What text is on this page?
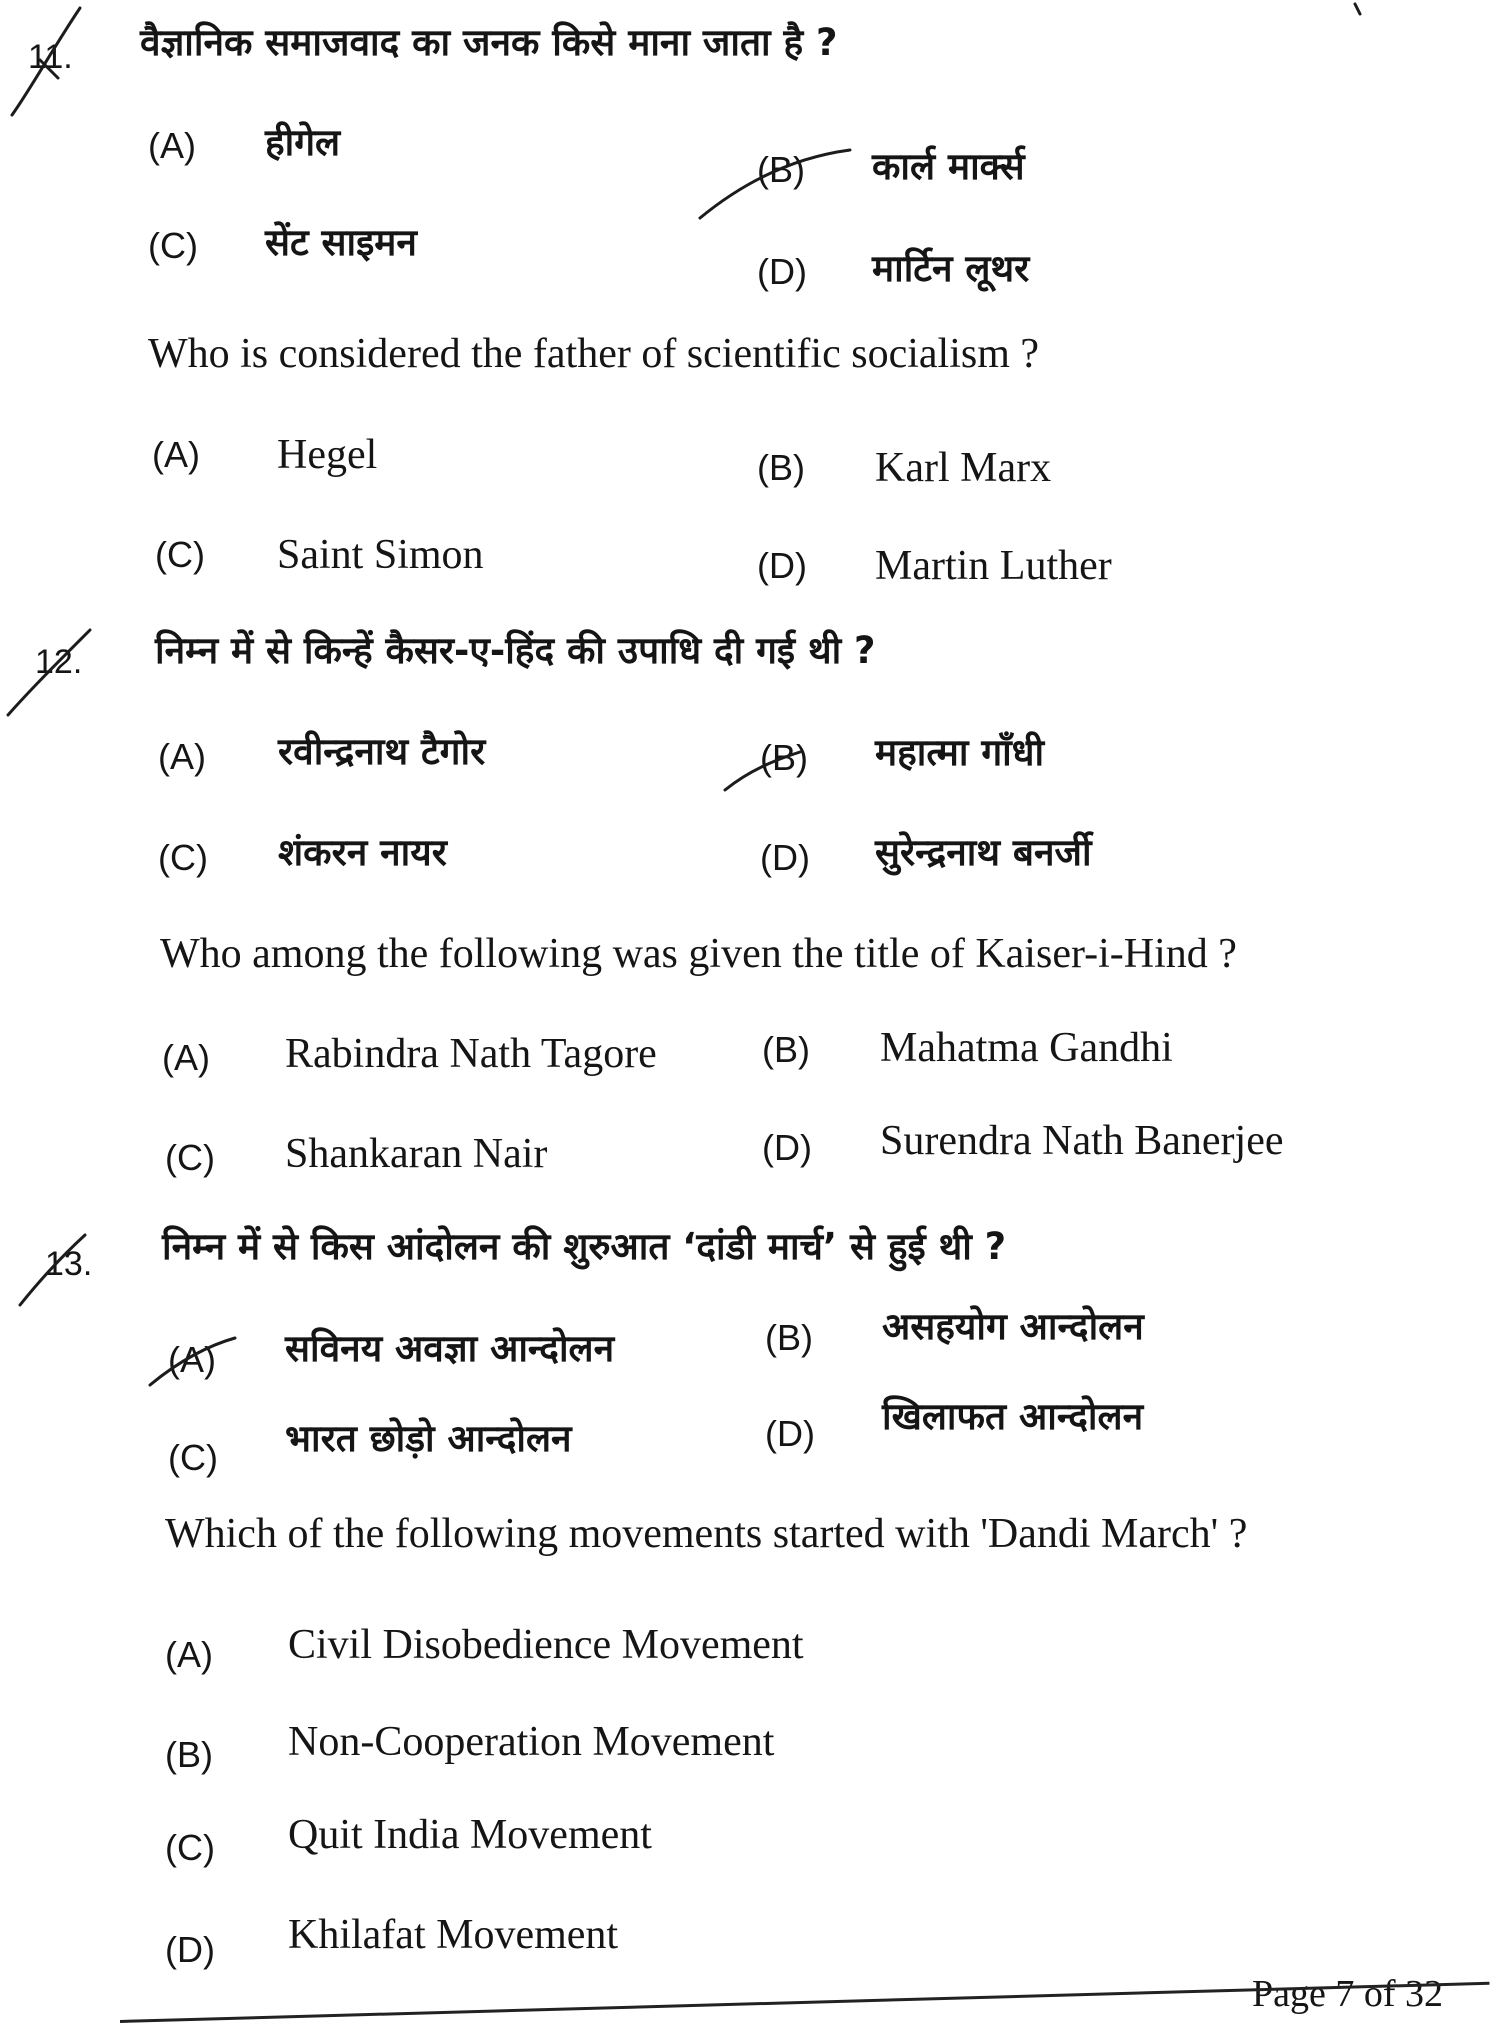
11. वैज्ञानिक समाजवाद का जनक किसे माना जाता है ?
(A) हीगेल
(B) कार्ल मार्क्स
(C) सेंट साइमन
(D) मार्टिन लूथर
Who is considered the father of scientific socialism ?
(A) Hegel	(B) Karl Marx
(C) Saint Simon	(D) Martin Luther
12. निम्न में से किन्हें कैसर-ए-हिंद की उपाधि दी गई थी ?
(A) रवीन्द्रनाथ टैगोर	(B) महात्मा गाँधी
(C) शंकरन नायर	(D) सुरेन्द्रनाथ बनर्जी
Who among the following was given the title of Kaiser-i-Hind ?
(A) Rabindra Nath Tagore	(B) Mahatma Gandhi
(C) Shankaran Nair	(D) Surendra Nath Banerjee
13. निम्न में से किस आंदोलन की शुरुआत ‘दांडी मार्च’ से हुई थी ?
(A) सविनय अवज्ञा आन्दोलन	(B) असहयोग आन्दोलन
(C) भारत छोड़ो आन्दोलन	(D) खिलाफत आन्दोलन
Which of the following movements started with 'Dandi March' ?
(A) Civil Disobedience Movement
(B) Non-Cooperation Movement
(C) Quit India Movement
(D) Khilafat Movement
Page 7 of 32
